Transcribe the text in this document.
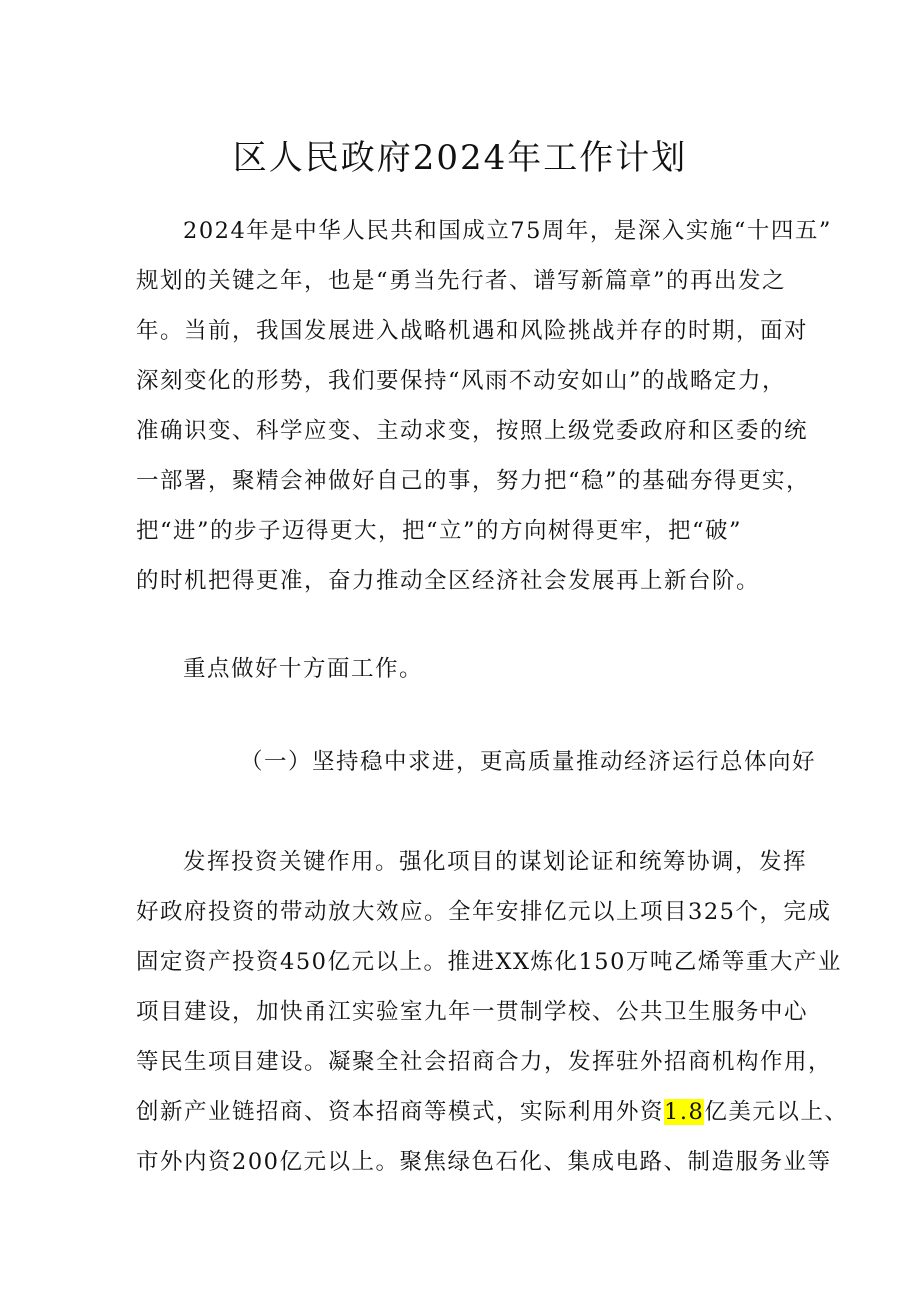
区人民政府2024年工作计划
2024年是中华人民共和国成立75周年，是深入实施“十四五”
规划的关键之年，也是“勇当先行者、谱写新篇章”的再出发之
年。当前，我国发展进入战略机遇和风险挑战并存的时期，面对
深刻变化的形势，我们要保持“风雨不动安如山”的战略定力，
准确识变、科学应变、主动求变，按照上级党委政府和区委的统
一部署，聚精会神做好自己的事，努力把“稳”的基础夯得更实，
把“进”的步子迈得更大，把“立”的方向树得更牢，把“破”
的时机把得更准，奋力推动全区经济社会发展再上新台阶。
重点做好十方面工作。
（一）坚持稳中求进，更高质量推动经济运行总体向好
发挥投资关键作用。强化项目的谋划论证和统筹协调，发挥
好政府投资的带动放大效应。全年安排亿元以上项目325个，完成
固定资产投资450亿元以上。推进XX炼化150万吨乙烯等重大产业
项目建设，加快甬江实验室九年一贯制学校、公共卫生服务中心
等民生项目建设。凝聚全社会招商合力，发挥驻外招商机构作用，
创新产业链招商、资本招商等模式，实际利用外资1.8亿美元以上、
市外内资200亿元以上。聚焦绿色石化、集成电路、制造服务业等
